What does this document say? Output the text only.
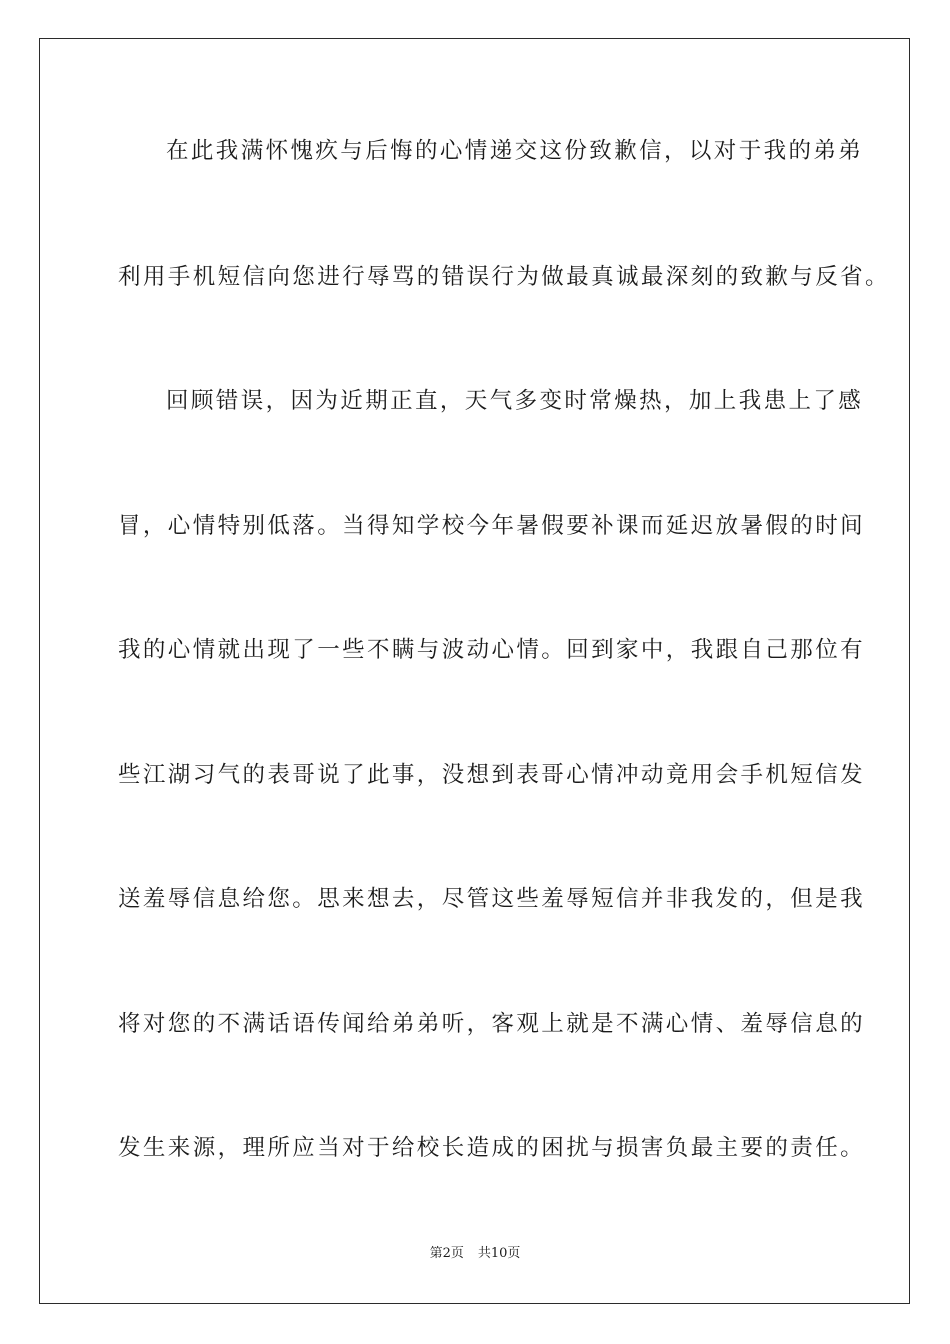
在此我满怀愧疚与后悔的心情递交这份致歉信，以对于我的弟弟
利用手机短信向您进行辱骂的错误行为做最真诚最深刻的致歉与反省。
回顾错误，因为近期正直，天气多变时常燥热，加上我患上了感
冒，心情特别低落。当得知学校今年暑假要补课而延迟放暑假的时间
我的心情就出现了一些不瞒与波动心情。回到家中，我跟自己那位有
些江湖习气的表哥说了此事，没想到表哥心情冲动竟用会手机短信发
送羞辱信息给您。思来想去，尽管这些羞辱短信并非我发的，但是我
将对您的不满话语传闻给弟弟听，客观上就是不满心情、羞辱信息的
发生来源，理所应当对于给校长造成的困扰与损害负最主要的责任。
第2页 共10页
